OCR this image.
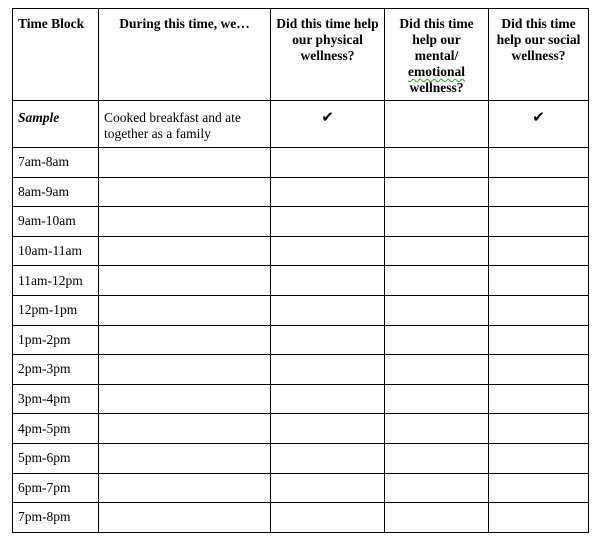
Time Block	During this time, we…	Did this time help our physical wellness?	Did this time help our
mental/
emotional
wellness?	Did this time help our social wellness?
Sample	Cooked breakfast and ate together as a family	✔		✔
7am-8am				
8am-9am				
9am-10am				
10am-11am				
11am-12pm				
12pm-1pm				
1pm-2pm				
2pm-3pm				
3pm-4pm				
4pm-5pm				
5pm-6pm				
6pm-7pm				
7pm-8pm				
